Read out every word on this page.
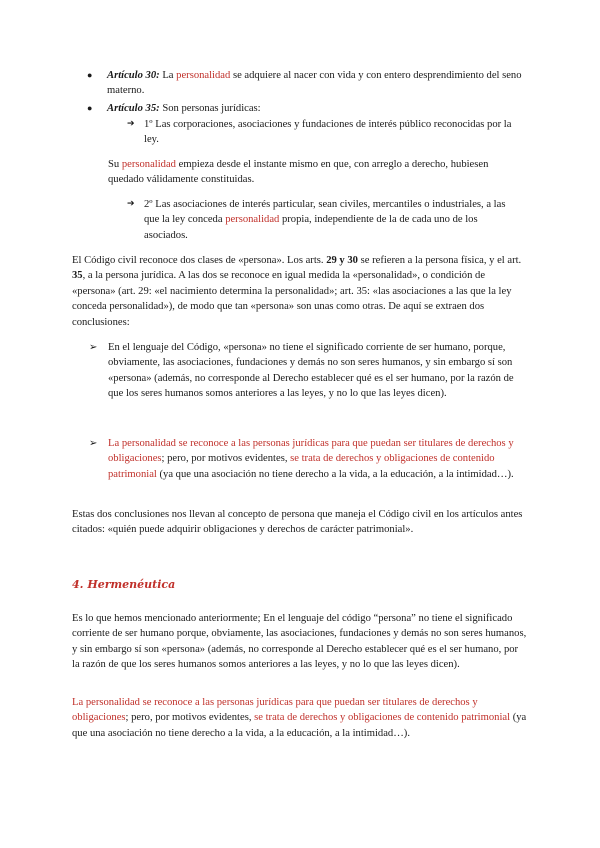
● Artículo 30: La personalidad se adquiere al nacer con vida y con entero desprendimiento del seno materno.

● Artículo 35: Son personas jurídicas:

➔ 1º Las corporaciones, asociaciones y fundaciones de interés público reconocidas por la ley.

Su personalidad empieza desde el instante mismo en que, con arreglo a derecho, hubiesen quedado válidamente constituidas.

➔ 2º Las asociaciones de interés particular, sean civiles, mercantiles o industriales, a las que la ley conceda personalidad propia, independiente de la de cada uno de los asociados.

El Código civil reconoce dos clases de «persona». Los arts. 29 y 30 se refieren a la persona física, y el art. 35, a la persona jurídica. A las dos se reconoce en igual medida la «personalidad», o condición de «persona» (art. 29: «el nacimiento determina la personalidad»; art. 35: «las asociaciones a las que la ley conceda personalidad»), de modo que tan «persona» son unas como otras. De aquí se extraen dos conclusiones:

➢ En el lenguaje del Código, «persona» no tiene el significado corriente de ser humano, porque, obviamente, las asociaciones, fundaciones y demás no son seres humanos, y sin embargo sí son «persona» (además, no corresponde al Derecho establecer qué es el ser humano, por la razón de que los seres humanos somos anteriores a las leyes, y no lo que las leyes dicen).

➢ La personalidad se reconoce a las personas jurídicas para que puedan ser titulares de derechos y obligaciones; pero, por motivos evidentes, se trata de derechos y obligaciones de contenido patrimonial (ya que una asociación no tiene derecho a la vida, a la educación, a la intimidad…).

Estas dos conclusiones nos llevan al concepto de persona que maneja el Código civil en los artículos antes citados: «quién puede adquirir obligaciones y derechos de carácter patrimonial».

4. Hermenéutica

Es lo que hemos mencionado anteriormente; En el lenguaje del código “persona” no tiene el significado corriente de ser humano porque, obviamente, las asociaciones, fundaciones y demás no son seres humanos, y sin embargo sí son «persona» (además, no corresponde al Derecho establecer qué es el ser humano, por la razón de que los seres humanos somos anteriores a las leyes, y no lo que las leyes dicen).

La personalidad se reconoce a las personas jurídicas para que puedan ser titulares de derechos y obligaciones; pero, por motivos evidentes, se trata de derechos y obligaciones de contenido patrimonial (ya que una asociación no tiene derecho a la vida, a la educación, a la intimidad…).
